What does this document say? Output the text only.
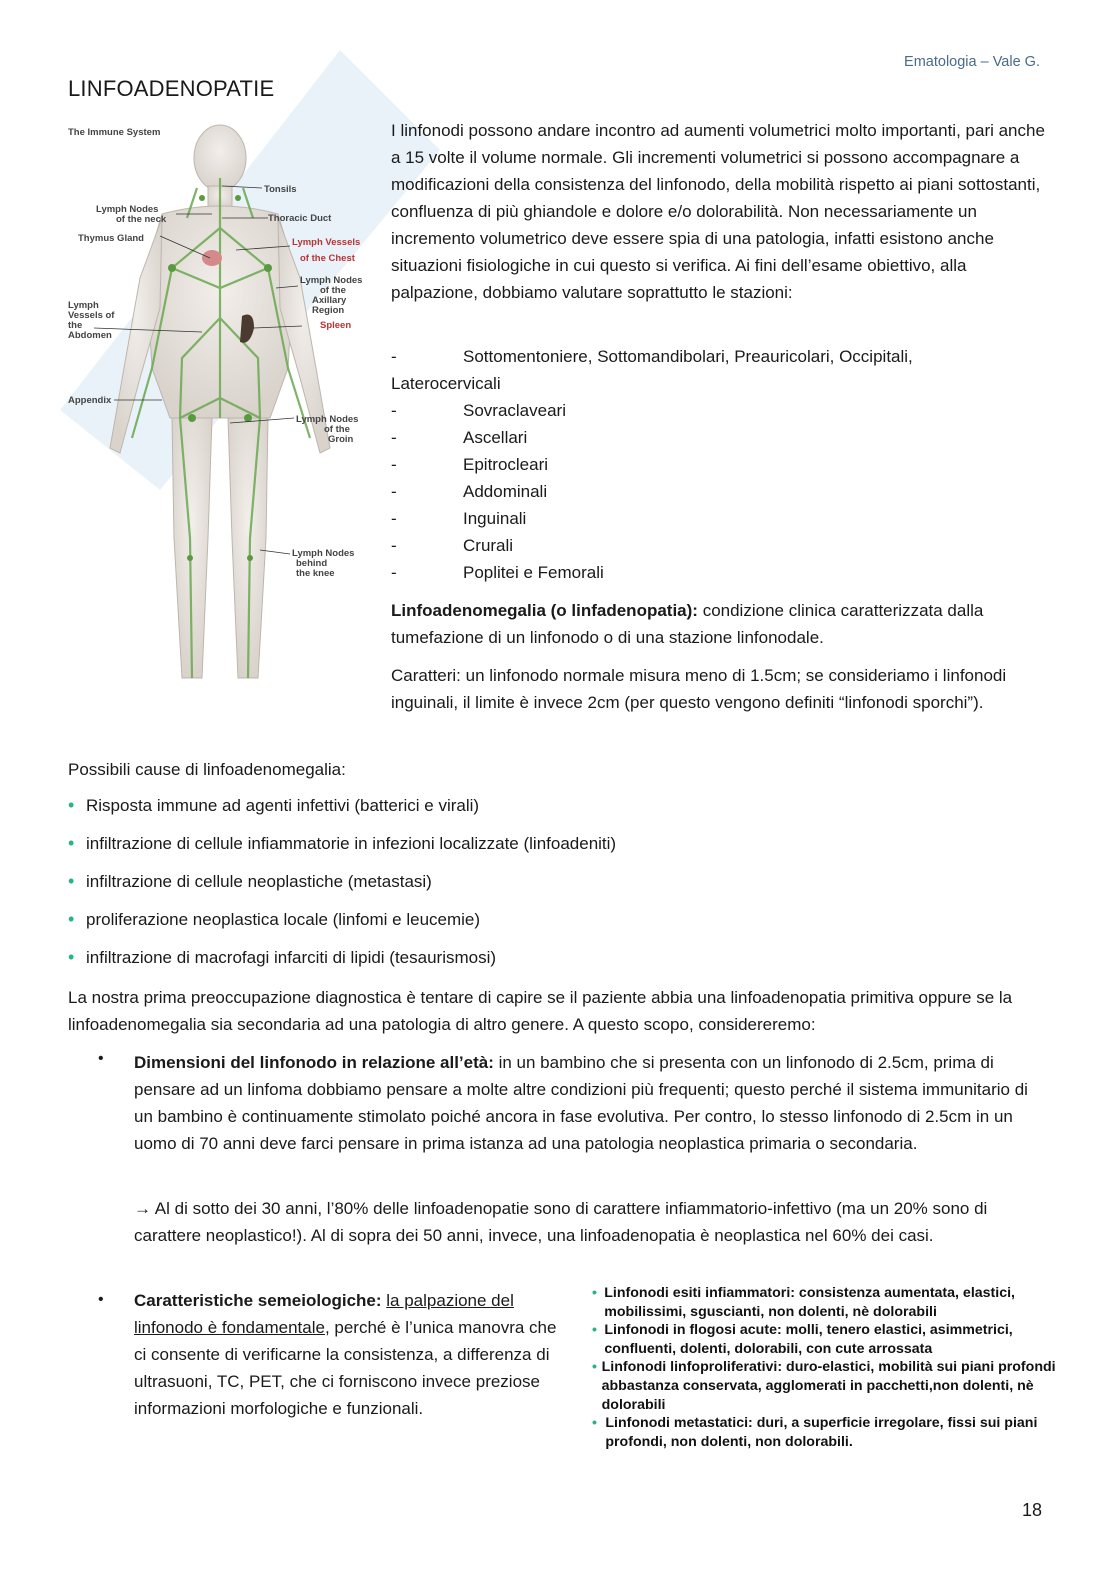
Ematologia – Vale G.
LINFOADENOPATIE
The Immune System
Tonsils
Lymph Nodes
of the neck	Thoracic Duct
Thymus Gland	Lymph Vessels
of the Chest
Lymph Nodes
of the
Axillary
Region
Spleen
Lymph
Vessels of
the
Abdomen
Appendix
Lymph Nodes
of the
Groin
Lymph Nodes
behind
the knee
I linfonodi possono andare incontro ad aumenti volumetrici molto importanti, pari anche a 15 volte il volume normale. Gli incrementi volumetrici si possono accompagnare a modificazioni della consistenza del linfonodo, della mobilità rispetto ai piani sottostanti, confluenza di più ghiandole e dolore e/o dolorabilità. Non necessariamente un incremento volumetrico deve essere spia di una patologia, infatti esistono anche situazioni fisiologiche in cui questo si verifica. Ai fini dell’esame obiettivo, alla palpazione, dobbiamo valutare soprattutto le stazioni:
-	Sottomentoniere, Sottomandibolari, Preauricolari, Occipitali,
Laterocervicali
-	Sovraclaveari
-	Ascellari
-	Epitrocleari
-	Addominali
-	Inguinali
-	Crurali
-	Poplitei e Femorali
Linfoadenomegalia (o linfadenopatia): condizione clinica caratterizzata dalla tumefazione di un linfonodo o di una stazione linfonodale.
Caratteri: un linfonodo normale misura meno di 1.5cm; se consideriamo i linfonodi inguinali, il limite è invece 2cm (per questo vengono definiti “linfonodi sporchi”).
Possibili cause di linfoadenomegalia:
• Risposta immune ad agenti infettivi (batterici e virali)
• infiltrazione di cellule infiammatorie in infezioni localizzate (linfoadeniti)
• infiltrazione di cellule neoplastiche (metastasi)
• proliferazione neoplastica locale (linfomi e leucemie)
• infiltrazione di macrofagi infarciti di lipidi (tesaurismosi)
La nostra prima preoccupazione diagnostica è tentare di capire se il paziente abbia una linfoadenopatia primitiva oppure se la linfoadenomegalia sia secondaria ad una patologia di altro genere. A questo scopo, considereremo:
• Dimensioni del linfonodo in relazione all’età: in un bambino che si presenta con un linfonodo di 2.5cm, prima di pensare ad un linfoma dobbiamo pensare a molte altre condizioni più frequenti; questo perché il sistema immunitario di un bambino è continuamente stimolato poiché ancora in fase evolutiva. Per contro, lo stesso linfonodo di 2.5cm in un uomo di 70 anni deve farci pensare in prima istanza ad una patologia neoplastica primaria o secondaria.
→ Al di sotto dei 30 anni, l’80% delle linfoadenopatie sono di carattere infiammatorio-infettivo (ma un 20% sono di carattere neoplastico!). Al di sopra dei 50 anni, invece, una linfoadenopatia è neoplastica nel 60% dei casi.
• Caratteristiche semeiologiche: la palpazione del linfonodo è fondamentale, perché è l’unica manovra che ci consente di verificarne la consistenza, a differenza di ultrasuoni, TC, PET, che ci forniscono invece preziose informazioni morfologiche e funzionali.
• Linfonodi esiti infiammatori: consistenza aumentata, elastici, mobilissimi, sguscianti, non dolenti, nè dolorabili
• Linfonodi in flogosi acute: molli, tenero elastici, asimmetrici, confluenti, dolenti, dolorabili, con cute arrossata
• Linfonodi linfoproliferativi: duro-elastici, mobilità sui piani profondi abbastanza conservata, agglomerati in pacchetti,non dolenti, nè dolorabili
• Linfonodi metastatici: duri, a superficie irregolare, fissi sui piani profondi, non dolenti, non dolorabili.
18
